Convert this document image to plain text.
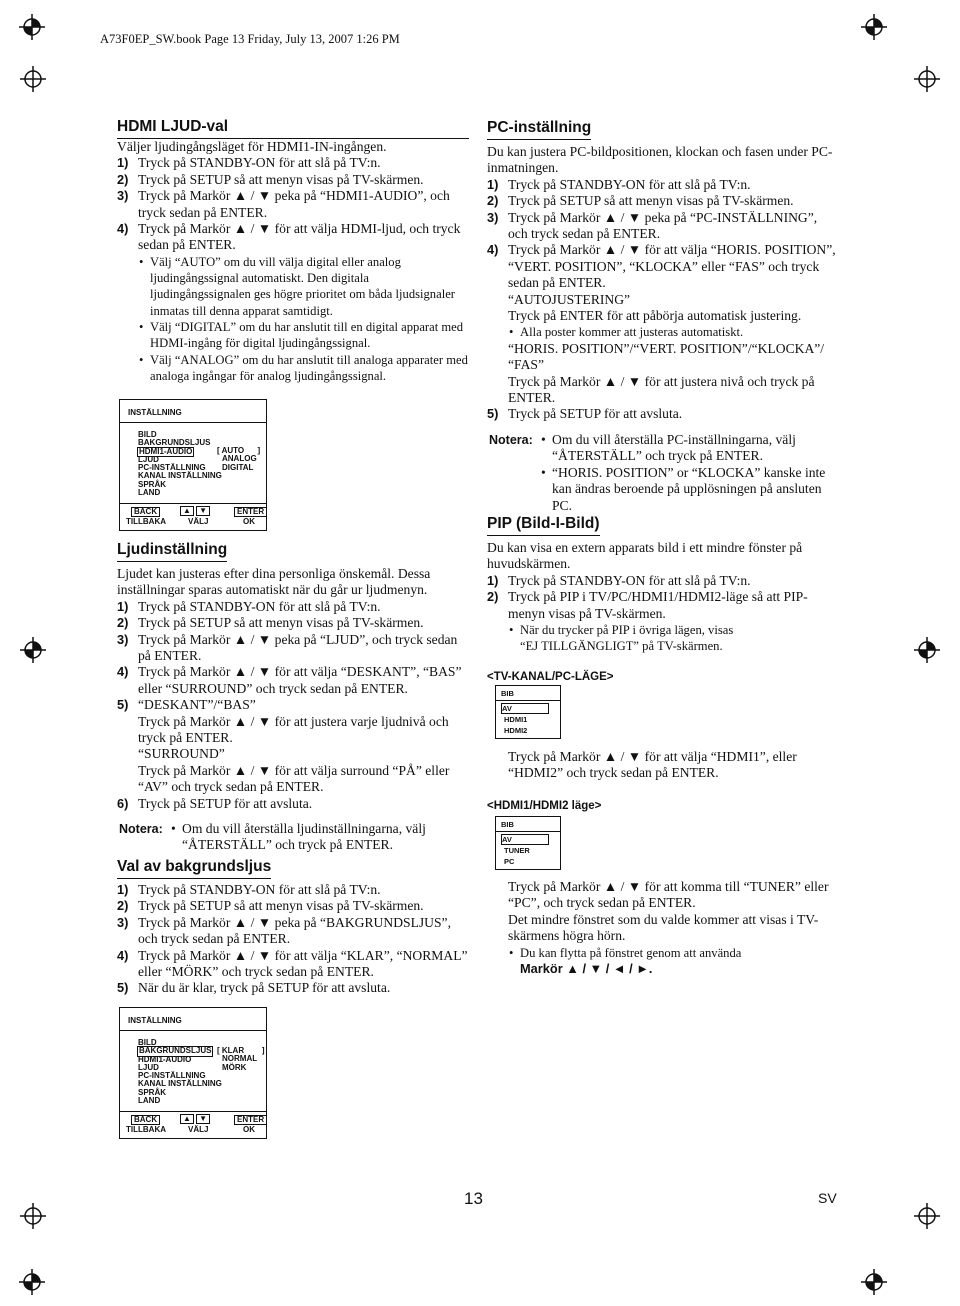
A73F0EP_SW.book Page 13 Friday, July 13, 2007 1:26 PM
HDMI LJUD-val
Väljer ljudingångsläget för HDMI1-IN-ingången.
1) Tryck på STANDBY-ON för att slå på TV:n.
2) Tryck på SETUP så att menyn visas på TV-skärmen.
3) Tryck på Markör ▲ / ▼ peka på “HDMI1-AUDIO”, och
tryck sedan på ENTER.
4) Tryck på Markör ▲ / ▼ för att välja HDMI-ljud, och tryck
sedan på ENTER.
• Välj “AUTO” om du vill välja digital eller analog
ljudingångssignal automatiskt. Den digitala
ljudingångssignalen ges högre prioritet om båda ljudsignaler
inmatas till denna apparat samtidigt.
• Välj “DIGITAL” om du har anslutit till en digital apparat med
HDMI-ingång för digital ljudingångssignal.
• Välj “ANALOG” om du har anslutit till analoga apparater med
analoga ingångar för analog ljudingångssignal.
INSTÄLLNING
BILD
BAKGRUNDSLJUS
HDMI1-AUDIO
LJUD
PC-INSTÄLLNING
KANAL INSTÄLLNING
SPRÅK
LAND
[ AUTO      ]
ANALOG
DIGITAL
BACK
TILLBAKA
▲ ▼
VÄLJ
ENTER
OK
Ljudinställning
Ljudet kan justeras efter dina personliga önskemål. Dessa
inställningar sparas automatiskt när du går ur ljudmenyn.
1) Tryck på STANDBY-ON för att slå på TV:n.
2) Tryck på SETUP så att menyn visas på TV-skärmen.
3) Tryck på Markör ▲ / ▼ peka på “LJUD”, och tryck sedan
på ENTER.
4) Tryck på Markör ▲ / ▼ för att välja “DESKANT”, “BAS”
eller “SURROUND” och tryck sedan på ENTER.
5) “DESKANT”/“BAS”
Tryck på Markör ▲ / ▼ för att justera varje ljudnivå och
tryck på ENTER.
“SURROUND”
Tryck på Markör ▲ / ▼ för att välja surround “PÅ” eller
“AV” och tryck sedan på ENTER.
6) Tryck på SETUP för att avsluta.
Notera:	• Om du vill återställa ljudinställningarna, välj
“ÅTERSTÄLL” och tryck på ENTER.
Val av bakgrundsljus
1) Tryck på STANDBY-ON för att slå på TV:n.
2) Tryck på SETUP så att menyn visas på TV-skärmen.
3) Tryck på Markör ▲ / ▼ peka på “BAKGRUNDSLJUS”,
och tryck sedan på ENTER.
4) Tryck på Markör ▲ / ▼ för att välja “KLAR”, “NORMAL”
eller “MÖRK” och tryck sedan på ENTER.
5) När du är klar, tryck på SETUP för att avsluta.
INSTÄLLNING
BILD
BAKGRUNDSLJUS
HDMI1-AUDIO
LJUD
PC-INSTÄLLNING
KANAL INSTÄLLNING
SPRÅK
LAND
[ KLAR        ]
NORMAL
MÖRK
BACK
TILLBAKA
▲ ▼
VÄLJ
ENTER
OK
PC-inställning
Du kan justera PC-bildpositionen, klockan och fasen under PC-
inmatningen.
1) Tryck på STANDBY-ON för att slå på TV:n.
2) Tryck på SETUP så att menyn visas på TV-skärmen.
3) Tryck på Markör ▲ / ▼ peka på “PC-INSTÄLLNING”,
och tryck sedan på ENTER.
4) Tryck på Markör ▲ / ▼ för att välja “HORIS. POSITION”,
“VERT. POSITION”, “KLOCKA” eller “FAS” och tryck
sedan på ENTER.
“AUTOJUSTERING”
Tryck på ENTER för att påbörja automatisk justering.
• Alla poster kommer att justeras automatiskt.
“HORIS. POSITION”/“VERT. POSITION”/“KLOCKA”/
“FAS”
Tryck på Markör ▲ / ▼ för att justera nivå och tryck på
ENTER.
5) Tryck på SETUP för att avsluta.
Notera:	• Om du vill återställa PC-inställningarna, välj
“ÅTERSTÄLL” och tryck på ENTER.
• “HORIS. POSITION” or “KLOCKA” kanske inte
kan ändras beroende på upplösningen på ansluten
PC.
PIP (Bild-I-Bild)
Du kan visa en extern apparats bild i ett mindre fönster på
huvudskärmen.
1) Tryck på STANDBY-ON för att slå på TV:n.
2) Tryck på PIP i TV/PC/HDMI1/HDMI2-läge så att PIP-
menyn visas på TV-skärmen.
• När du trycker på PIP i övriga lägen, visas
“EJ TILLGÄNGLIGT” på TV-skärmen.
<TV-KANAL/PC-LÄGE>
BIB
AV
HDMI1
HDMI2
Tryck på Markör ▲ / ▼ för att välja “HDMI1”, eller
“HDMI2” och tryck sedan på ENTER.
<HDMI1/HDMI2 läge>
BIB
AV
TUNER
PC
Tryck på Markör ▲ / ▼ för att komma till “TUNER” eller
“PC”, och tryck sedan på ENTER.
Det mindre fönstret som du valde kommer att visas i TV-
skärmens högra hörn.
• Du kan flytta på fönstret genom att använda
Markör ▲ / ▼ / ◄ / ►.
13	SV
